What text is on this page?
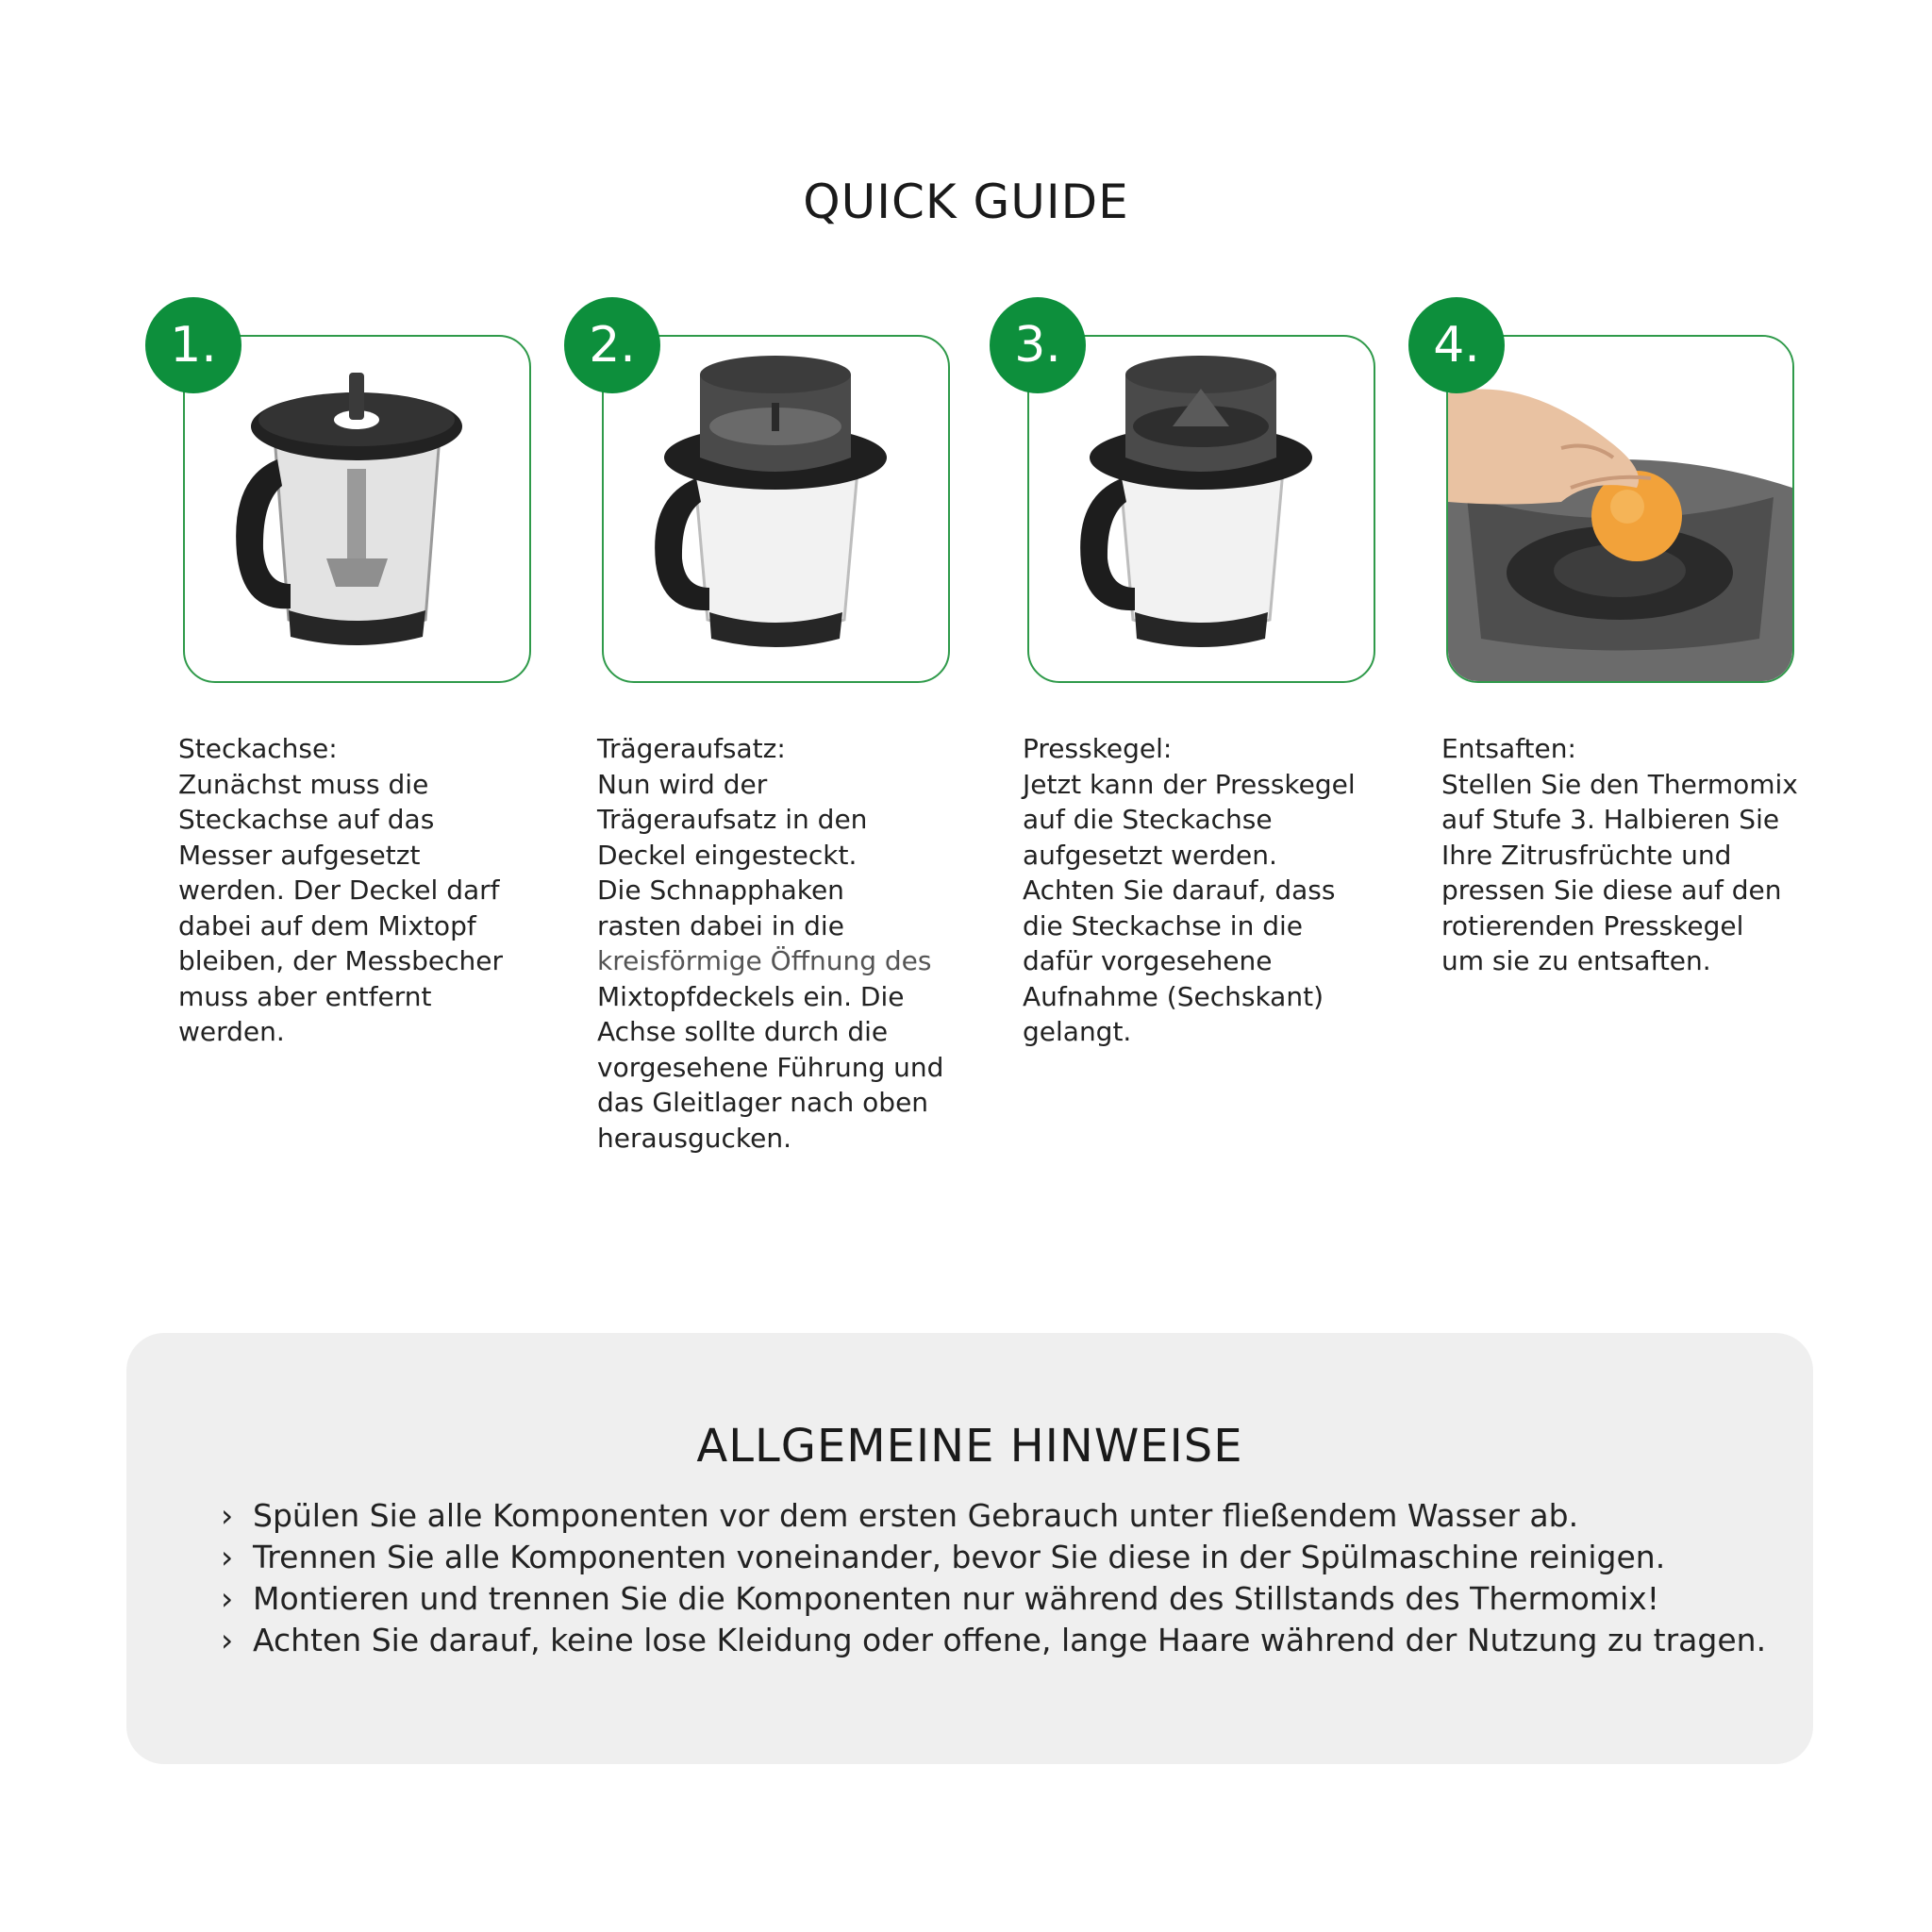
QUICK GUIDE
1.
Steckachse:
Zunächst muss die
Steckachse auf das
Messer aufgesetzt
werden. Der Deckel darf
dabei auf dem Mixtopf
bleiben, der Messbecher
muss aber entfernt
werden.
2.
Trägeraufsatz:
Nun wird der
Trägeraufsatz in den
Deckel eingesteckt.
Die Schnapphaken
rasten dabei in die
kreisförmige Öffnung des
Mixtopfdeckels ein. Die
Achse sollte durch die
vorgesehene Führung und
das Gleitlager nach oben
herausgucken.
3.
Presskegel:
Jetzt kann der Presskegel
auf die Steckachse
aufgesetzt werden.
Achten Sie darauf, dass
die Steckachse in die
dafür vorgesehene
Aufnahme (Sechskant)
gelangt.
4.
Entsaften:
Stellen Sie den Thermomix
auf Stufe 3. Halbieren Sie
Ihre Zitrusfrüchte und
pressen Sie diese auf den
rotierenden Presskegel
um sie zu entsaften.
ALLGEMEINE HINWEISE
› Spülen Sie alle Komponenten vor dem ersten Gebrauch unter fließendem Wasser ab.
› Trennen Sie alle Komponenten voneinander, bevor Sie diese in der Spülmaschine reinigen.
› Montieren und trennen Sie die Komponenten nur während des Stillstands des Thermomix!
› Achten Sie darauf, keine lose Kleidung oder offene, lange Haare während der Nutzung zu tragen.
